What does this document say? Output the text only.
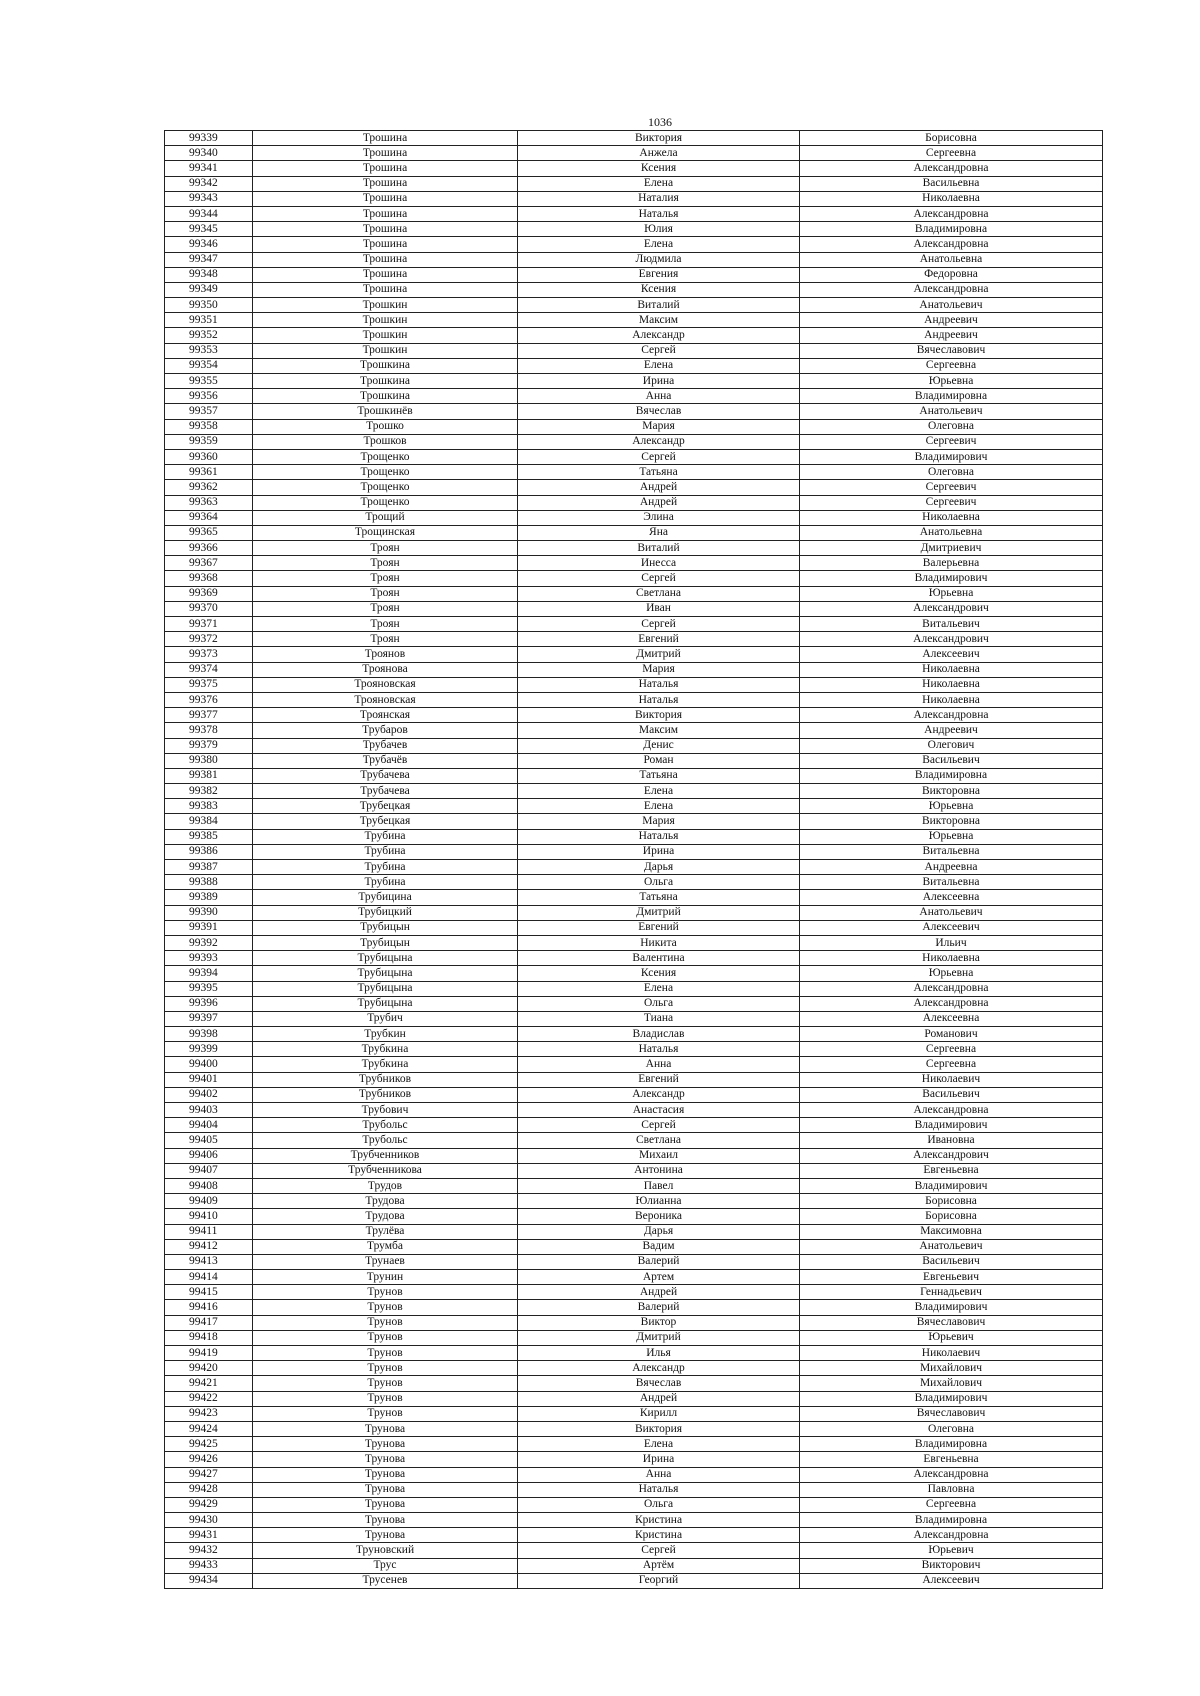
1036
99339	Трошина	Виктория	Борисовна
99340	Трошина	Анжела	Сергеевна
99341	Трошина	Ксения	Александровна
99342	Трошина	Елена	Васильевна
99343	Трошина	Наталия	Николаевна
99344	Трошина	Наталья	Александровна
99345	Трошина	Юлия	Владимировна
99346	Трошина	Елена	Александровна
99347	Трошина	Людмила	Анатольевна
99348	Трошина	Евгения	Федоровна
99349	Трошина	Ксения	Александровна
99350	Трошкин	Виталий	Анатольевич
99351	Трошкин	Максим	Андреевич
99352	Трошкин	Александр	Андреевич
99353	Трошкин	Сергей	Вячеславович
99354	Трошкина	Елена	Сергеевна
99355	Трошкина	Ирина	Юрьевна
99356	Трошкина	Анна	Владимировна
99357	Трошкинёв	Вячеслав	Анатольевич
99358	Трошко	Мария	Олеговна
99359	Трошков	Александр	Сергеевич
99360	Трощенко	Сергей	Владимирович
99361	Трощенко	Татьяна	Олеговна
99362	Трощенко	Андрей	Сергеевич
99363	Трощенко	Андрей	Сергеевич
99364	Трощий	Элина	Николаевна
99365	Трощинская	Яна	Анатольевна
99366	Троян	Виталий	Дмитриевич
99367	Троян	Инесса	Валерьевна
99368	Троян	Сергей	Владимирович
99369	Троян	Светлана	Юрьевна
99370	Троян	Иван	Александрович
99371	Троян	Сергей	Витальевич
99372	Троян	Евгений	Александрович
99373	Троянов	Дмитрий	Алексеевич
99374	Троянова	Мария	Николаевна
99375	Трояновская	Наталья	Николаевна
99376	Трояновская	Наталья	Николаевна
99377	Троянская	Виктория	Александровна
99378	Трубаров	Максим	Андреевич
99379	Трубачев	Денис	Олегович
99380	Трубачёв	Роман	Васильевич
99381	Трубачева	Татьяна	Владимировна
99382	Трубачева	Елена	Викторовна
99383	Трубецкая	Елена	Юрьевна
99384	Трубецкая	Мария	Викторовна
99385	Трубина	Наталья	Юрьевна
99386	Трубина	Ирина	Витальевна
99387	Трубина	Дарья	Андреевна
99388	Трубина	Ольга	Витальевна
99389	Трубицина	Татьяна	Алексеевна
99390	Трубицкий	Дмитрий	Анатольевич
99391	Трубицын	Евгений	Алексеевич
99392	Трубицын	Никита	Ильич
99393	Трубицына	Валентина	Николаевна
99394	Трубицына	Ксения	Юрьевна
99395	Трубицына	Елена	Александровна
99396	Трубицына	Ольга	Александровна
99397	Трубич	Тиана	Алексеевна
99398	Трубкин	Владислав	Романович
99399	Трубкина	Наталья	Сергеевна
99400	Трубкина	Анна	Сергеевна
99401	Трубников	Евгений	Николаевич
99402	Трубников	Александр	Васильевич
99403	Трубович	Анастасия	Александровна
99404	Трубольс	Сергей	Владимирович
99405	Трубольс	Светлана	Ивановна
99406	Трубченников	Михаил	Александрович
99407	Трубченникова	Антонина	Евгеньевна
99408	Трудов	Павел	Владимирович
99409	Трудова	Юлианна	Борисовна
99410	Трудова	Вероника	Борисовна
99411	Трулёва	Дарья	Максимовна
99412	Трумба	Вадим	Анатольевич
99413	Трунаев	Валерий	Васильевич
99414	Трунин	Артем	Евгеньевич
99415	Трунов	Андрей	Геннадьевич
99416	Трунов	Валерий	Владимирович
99417	Трунов	Виктор	Вячеславович
99418	Трунов	Дмитрий	Юрьевич
99419	Трунов	Илья	Николаевич
99420	Трунов	Александр	Михайлович
99421	Трунов	Вячеслав	Михайлович
99422	Трунов	Андрей	Владимирович
99423	Трунов	Кирилл	Вячеславович
99424	Трунова	Виктория	Олеговна
99425	Трунова	Елена	Владимировна
99426	Трунова	Ирина	Евгеньевна
99427	Трунова	Анна	Александровна
99428	Трунова	Наталья	Павловна
99429	Трунова	Ольга	Сергеевна
99430	Трунова	Кристина	Владимировна
99431	Трунова	Кристина	Александровна
99432	Труновский	Сергей	Юрьевич
99433	Трус	Артём	Викторович
99434	Трусенев	Георгий	Алексеевич
